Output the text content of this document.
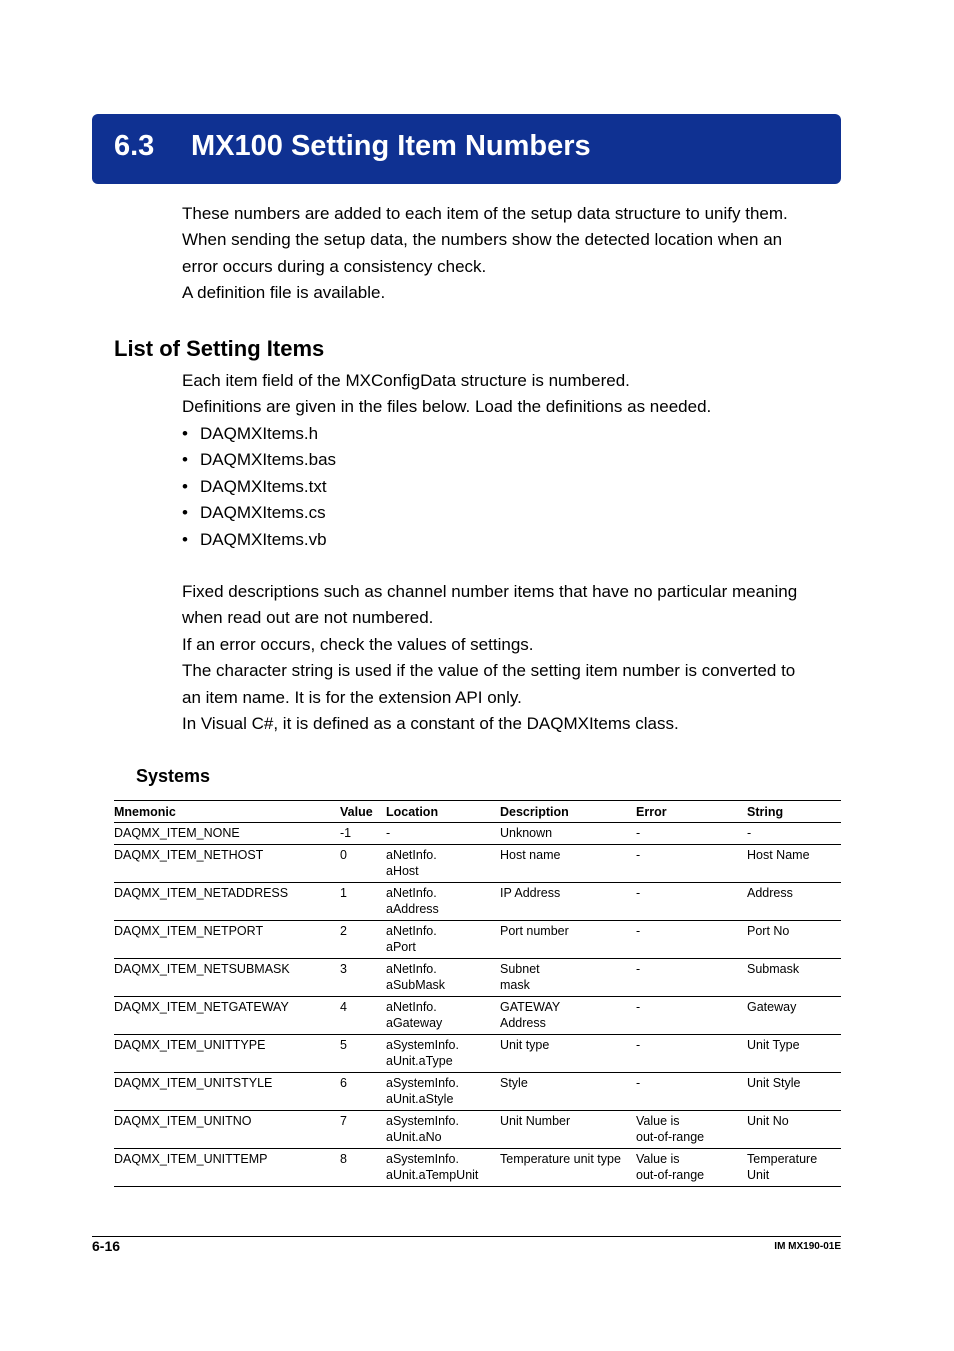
6.3 MX100 Setting Item Numbers
These numbers are added to each item of the setup data structure to unify them.
When sending the setup data, the numbers show the detected location when an
error occurs during a consistency check.
A definition file is available.
List of Setting Items
Each item field of the MXConfigData structure is numbered.
Definitions are given in the files below. Load the definitions as needed.
• DAQMXItems.h
• DAQMXItems.bas
• DAQMXItems.txt
• DAQMXItems.cs
• DAQMXItems.vb
Fixed descriptions such as channel number items that have no particular meaning
when read out are not numbered.
If an error occurs, check the values of settings.
The character string is used if the value of the setting item number is converted to
an item name. It is for the extension API only.
In Visual C#, it is defined as a constant of the DAQMXItems class.
Systems
Mnemonic	Value	Location	Description	Error	String
DAQMX_ITEM_NONE	-1	-	Unknown	-	-
DAQMX_ITEM_NETHOST	0	aNetInfo.
aHost	Host name	-	Host Name
DAQMX_ITEM_NETADDRESS	1	aNetInfo.
aAddress	IP Address	-	Address
DAQMX_ITEM_NETPORT	2	aNetInfo.
aPort	Port number	-	Port No
DAQMX_ITEM_NETSUBMASK	3	aNetInfo.
aSubMask	Subnet
mask	-	Submask
DAQMX_ITEM_NETGATEWAY	4	aNetInfo.
aGateway	GATEWAY
Address	-	Gateway
DAQMX_ITEM_UNITTYPE	5	aSystemInfo.
aUnit.aType	Unit type	-	Unit Type
DAQMX_ITEM_UNITSTYLE	6	aSystemInfo.
aUnit.aStyle	Style	-	Unit Style
DAQMX_ITEM_UNITNO	7	aSystemInfo.
aUnit.aNo	Unit Number	Value is
out-of-range	Unit No
DAQMX_ITEM_UNITTEMP	8	aSystemInfo.
aUnit.aTempUnit	Temperature unit type	Value is
out-of-range	Temperature
Unit
6-16	IM MX190-01E
